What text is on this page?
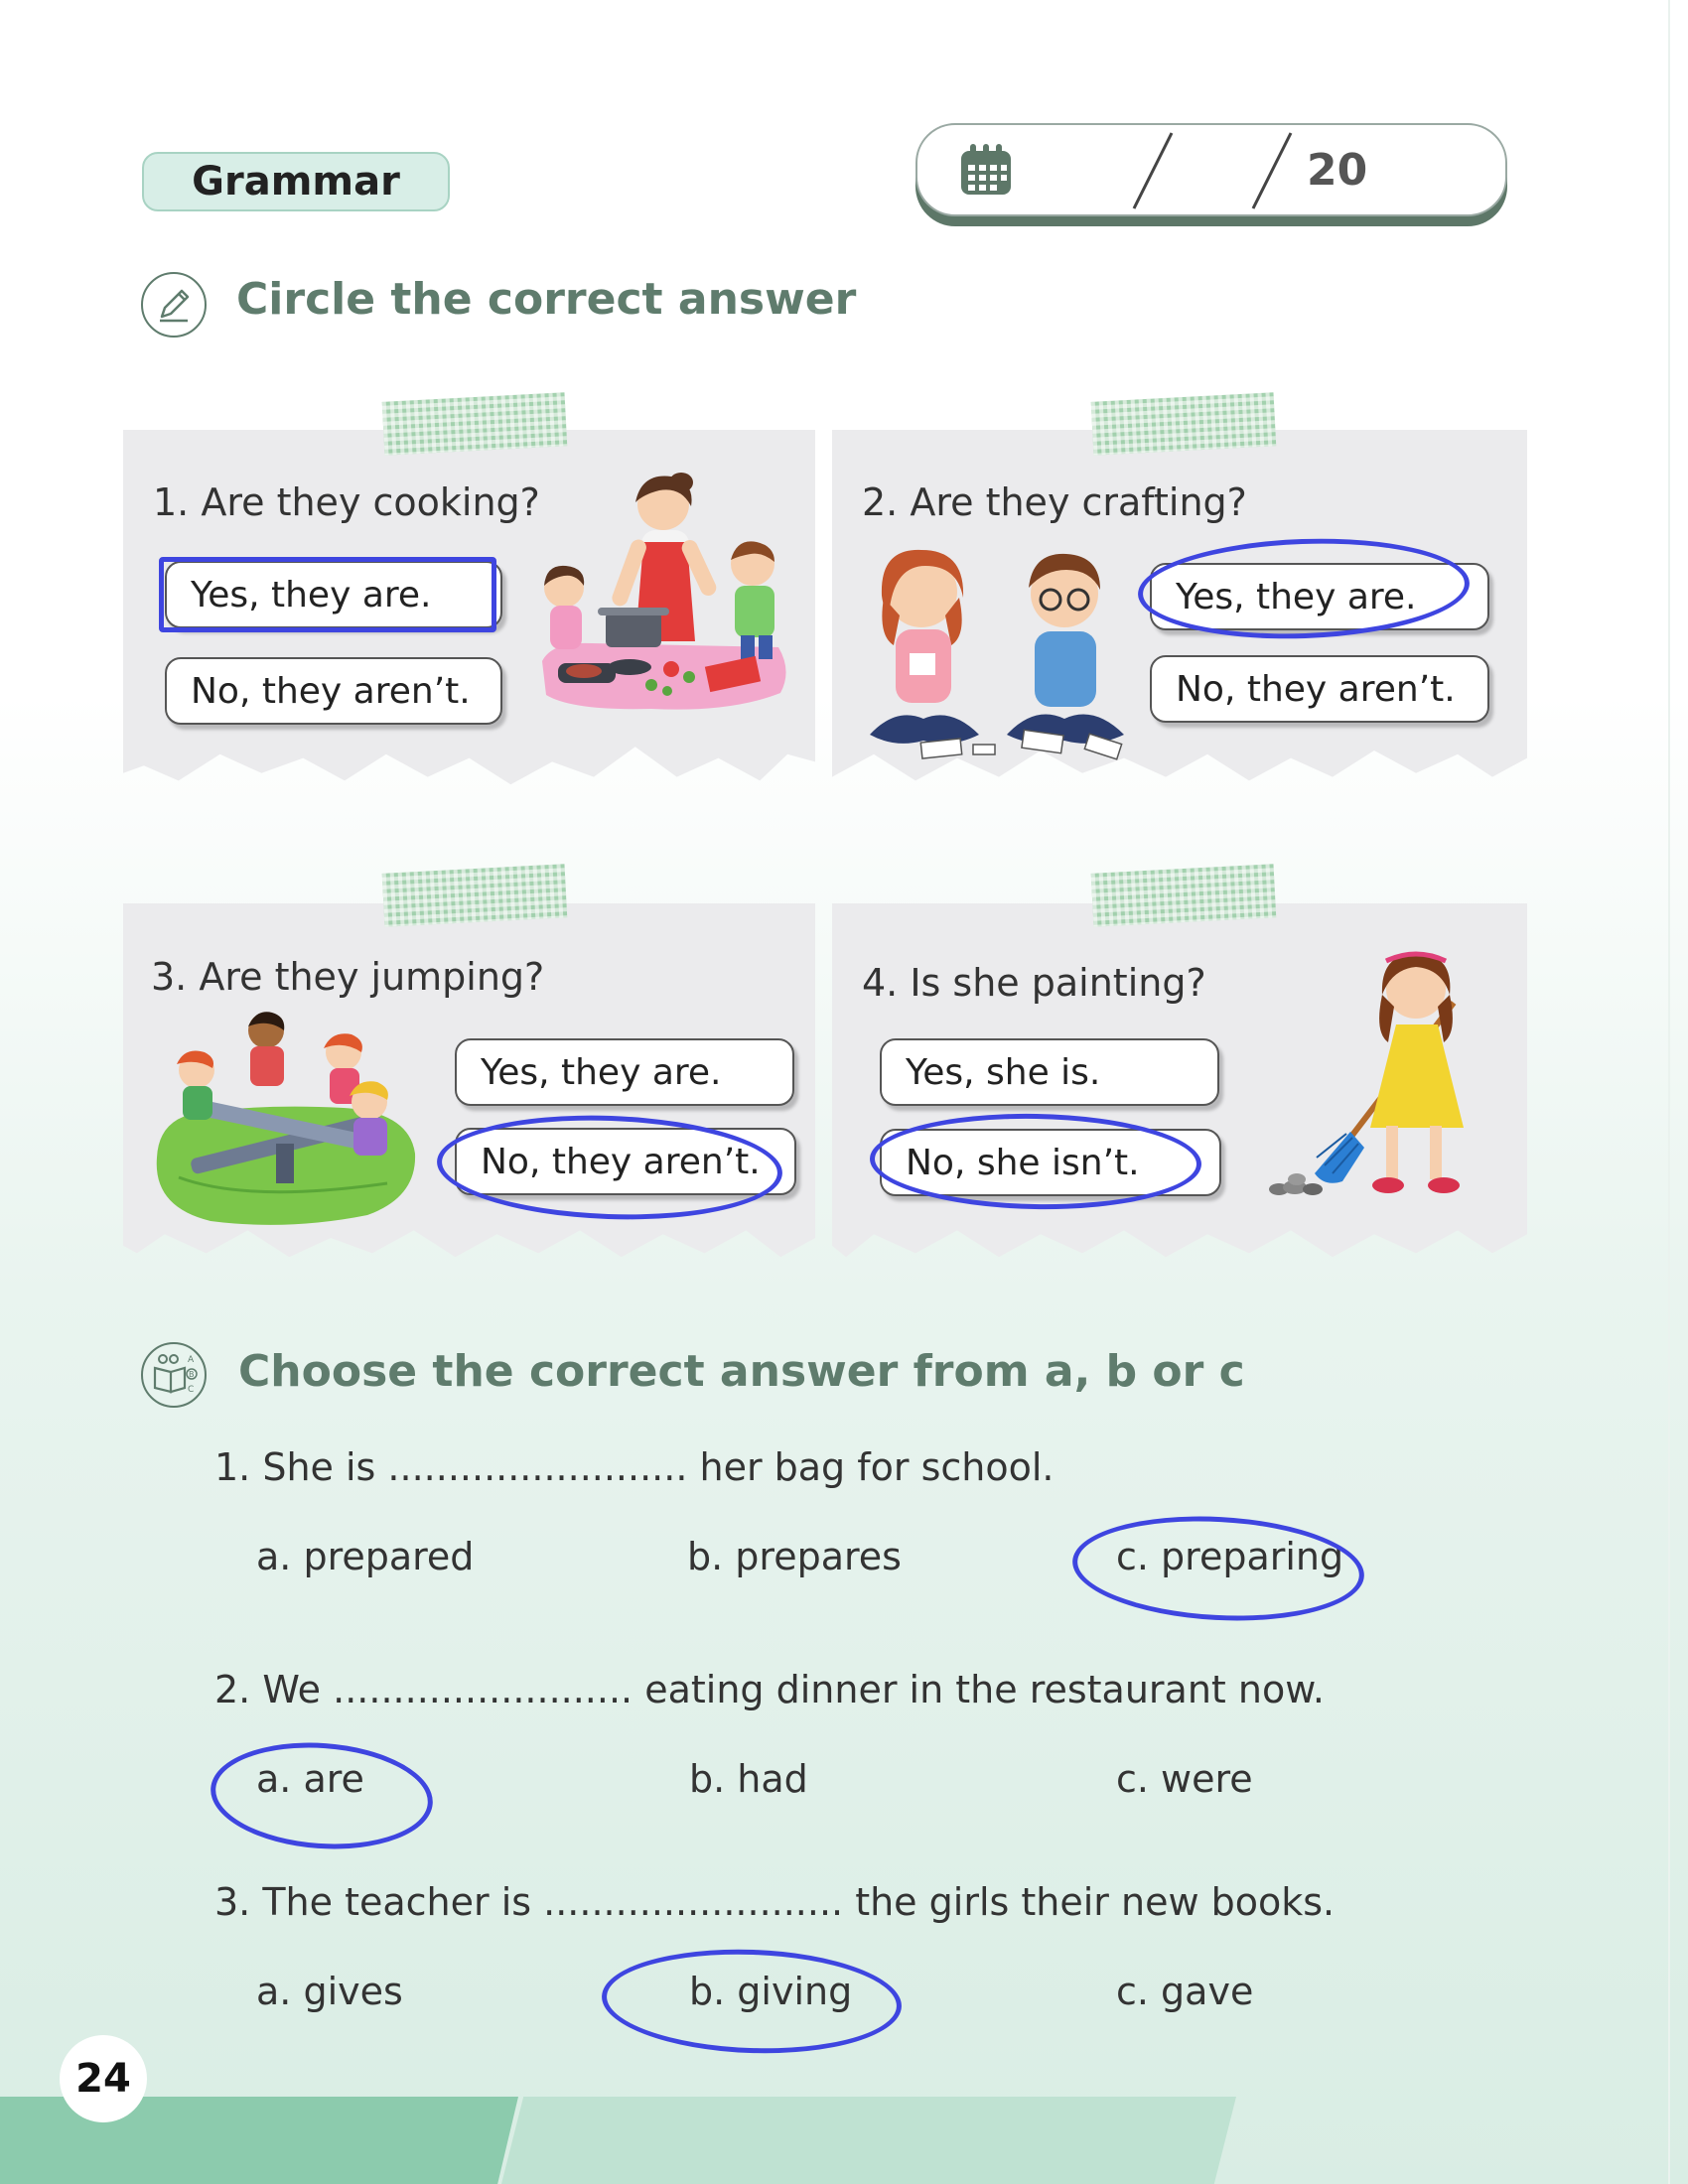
Grammar	20
Circle the correct answer
1. Are they cooking?
Yes, they are.
No, they aren’t.
2. Are they crafting?
Yes, they are.
No, they aren’t.
3. Are they jumping?
Yes, they are.
No, they aren’t.
4. Is she painting?
Yes, she is.
No, she isn’t.
A
B
C Choose the correct answer from a, b or c
1. She is ......................... her bag for school.
a. prepared	b. prepares	c. preparing
2. We ......................... eating dinner in the restaurant now.
a. are	b. had	c. were
3. The teacher is ......................... the girls their new books.
a. gives	b. giving	c. gave
24
